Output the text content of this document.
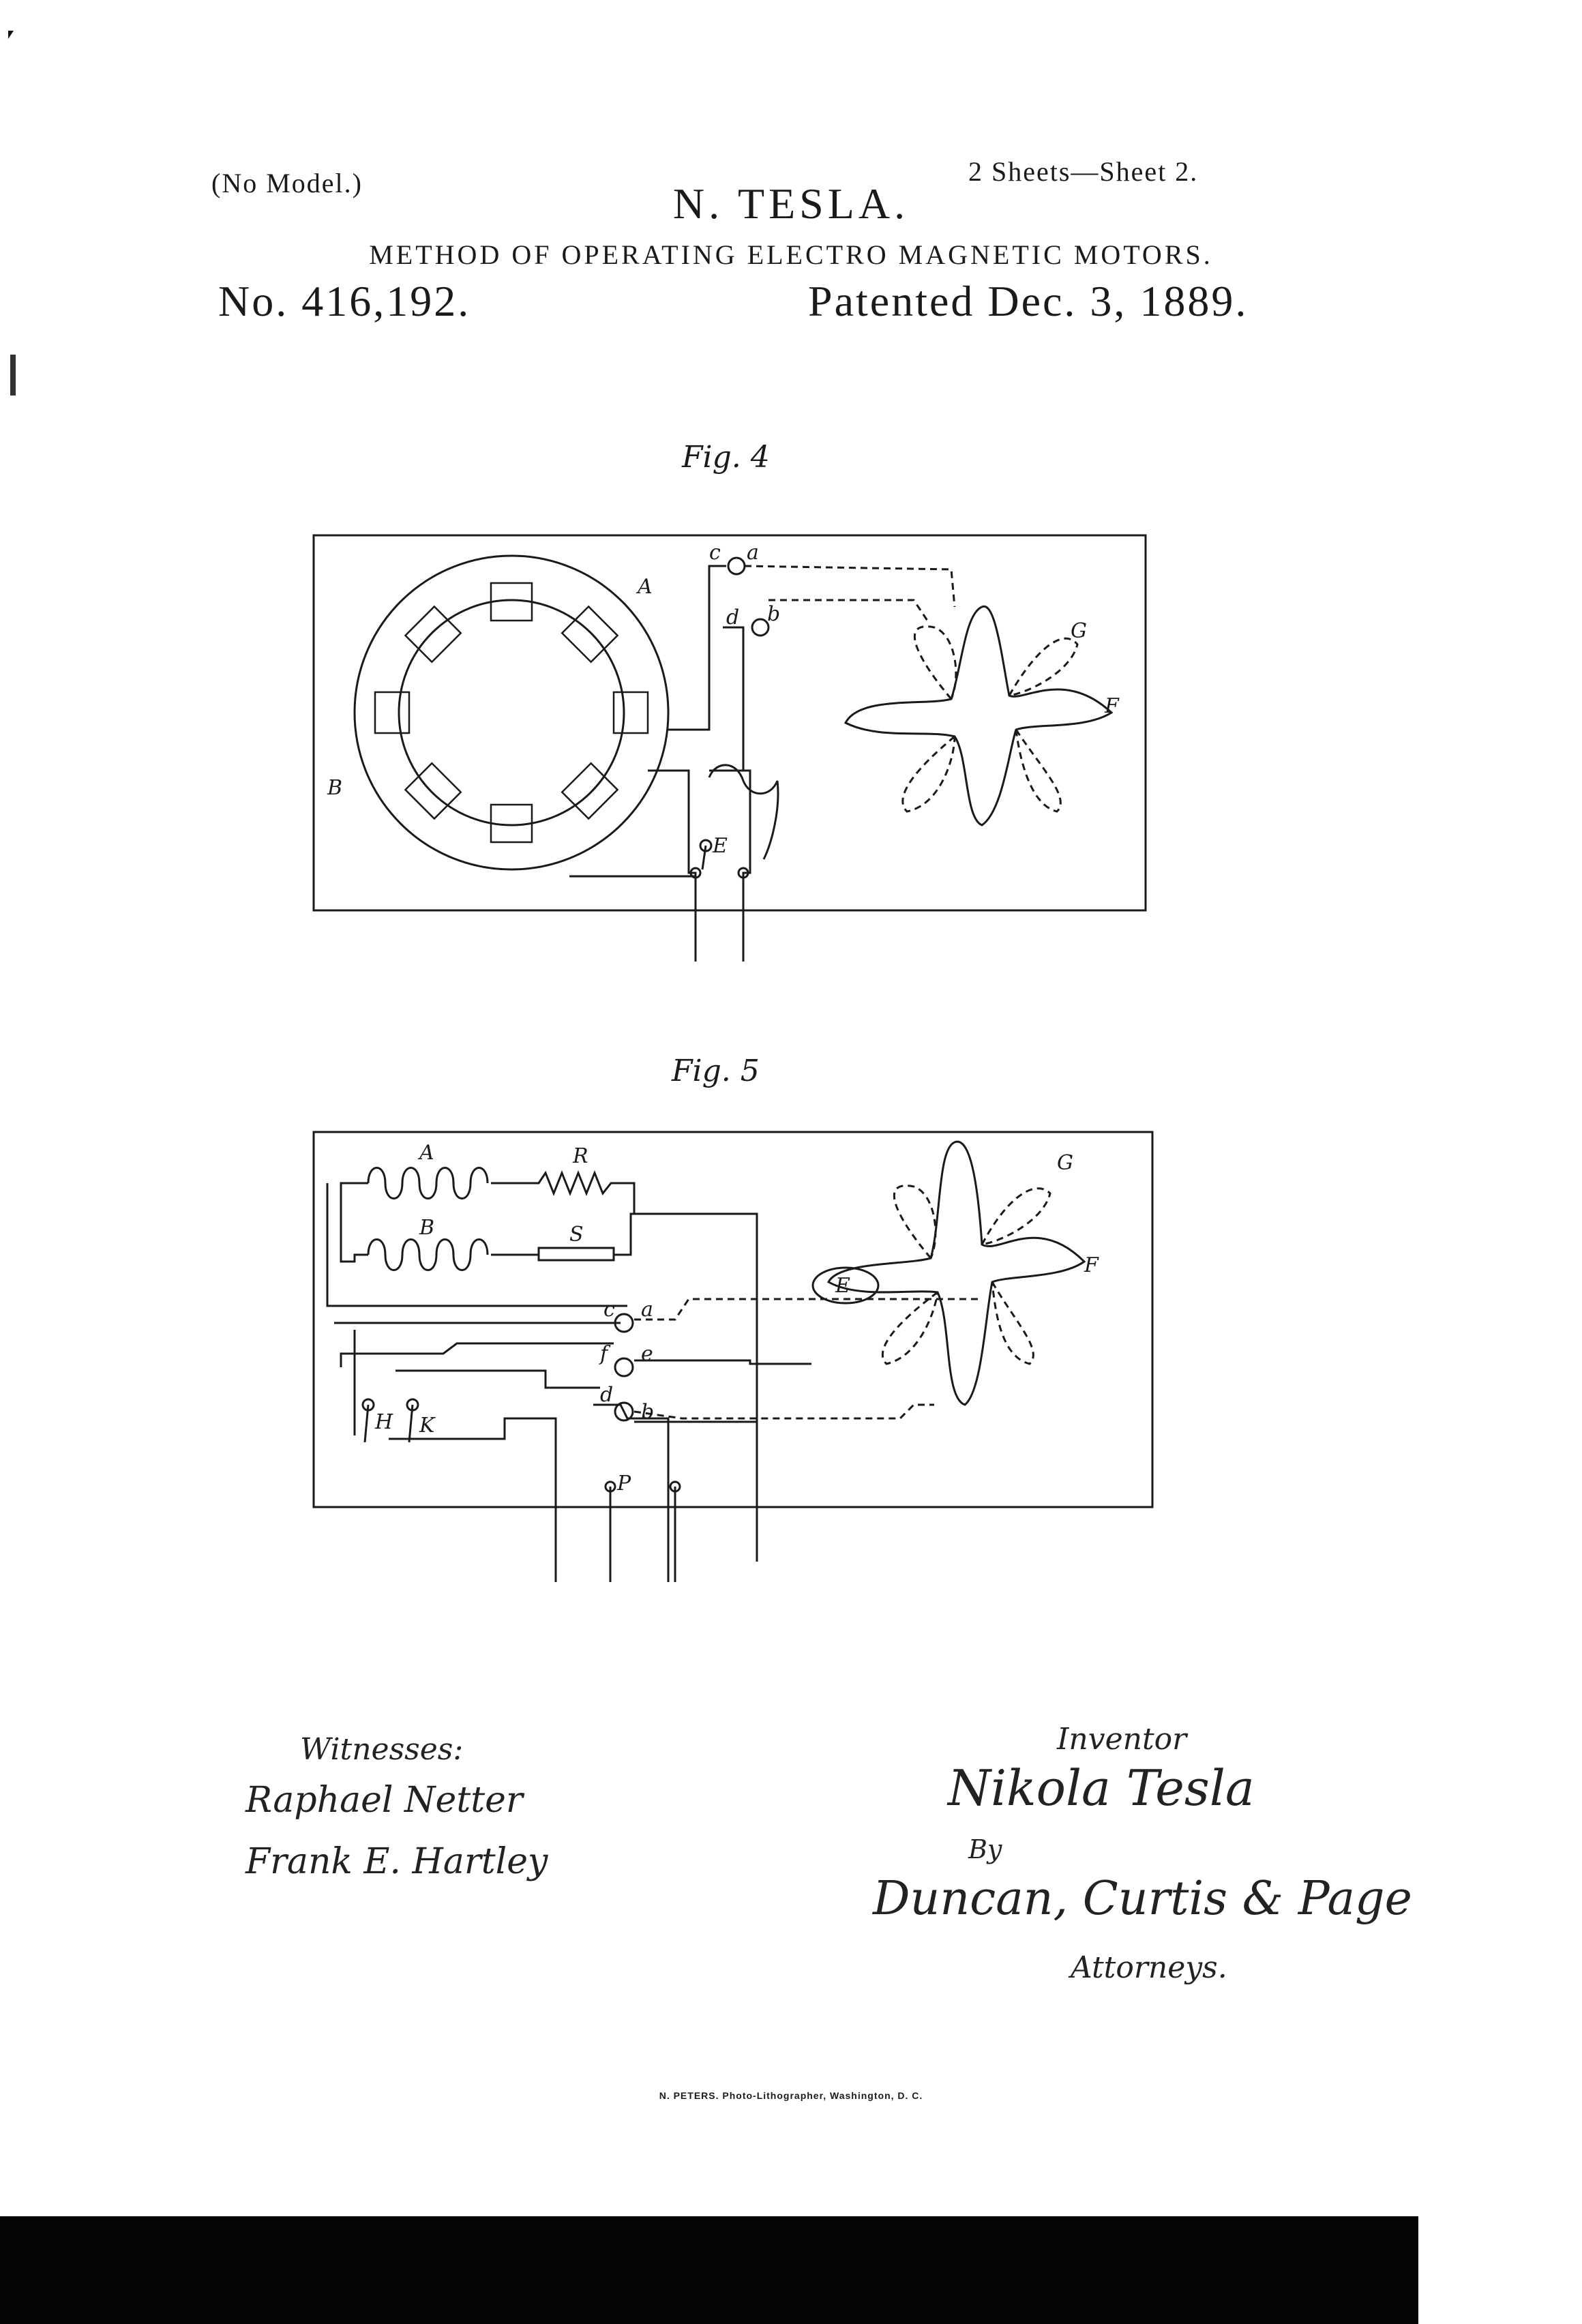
(No Model.)	2 Sheets—Sheet 2.
N. TESLA.
METHOD OF OPERATING ELECTRO MAGNETIC MOTORS.
No. 416,192.	Patented Dec. 3, 1889.
Fig. 4
A
B
c a
d b
E
F
G
Fig. 5
A	R
B	S
c a
f e
d
b
E
F
G
H K
P
Witnesses:
Raphael Netter
Frank E. Hartley
Inventor
Nikola Tesla
By
Duncan, Curtis & Page
Attorneys.
N. PETERS. Photo-Lithographer, Washington, D. C.
